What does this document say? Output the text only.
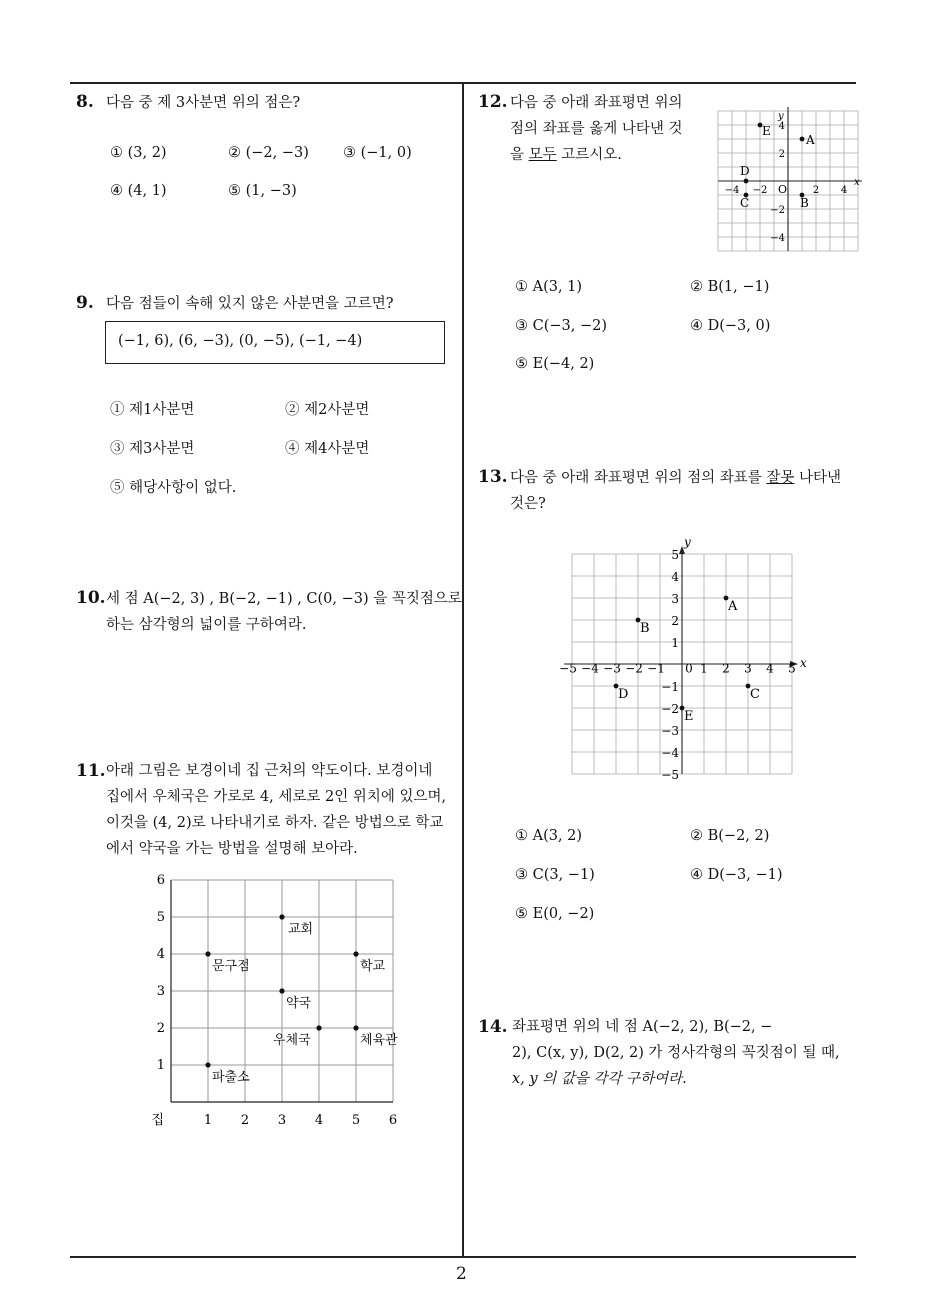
8. 다음 중 제 3사분면 위의 점은?
① (3, 2)	② (−2, −3) ③ (−1, 0)
④ (4, 1)	⑤ (1, −3)
9. 다음 점들이 속해 있지 않은 사분면을 고르면?
(−1, 6), (6, −3), (0, −5), (−1, −4)
① 제1사분면	② 제2사분면
③ 제3사분면	④ 제4사분면
⑤ 해당사항이 없다.
10. 세 점 A(−2, 3) , B(−2, −1) , C(0, −3) 을 꼭짓점으로
하는 삼각형의 넓이를 구하여라.
11. 아래 그림은 보경이네 집 근처의 약도이다. 보경이네
집에서 우체국은 가로로 4, 세로로 2인 위치에 있으며,
이것을 (4, 2)로 나타내기로 하자. 같은 방법으로 학교
에서 약국을 가는 방법을 설명해 보아라.
1 2 3 4 5 6
1
2
3
4
5
6
집
교회
문구점	학교
약국
우체국	체육관
파출소
12. 다음 중 아래 좌표평면 위의
점의 좌표를 옳게 나타낸 것
을 모두 고르시오.
x
y
O
−4 −2	2 4
4
2
−2
−4
A
B
C
D
E
① A(3, 1)	② B(1, −1)
③ C(−3, −2)	④ D(−3, 0)
⑤ E(−4, 2)
13. 다음 중 아래 좌표평면 위의 점의 좌표를 잘못 나타낸
것은?
x
y
−5 −4 −3 −2 −1 0 1 2 3 4 5
5
4
3
2
1
−1
−2
−3
−4
−5
A
B
C
D
E
① A(3, 2)	② B(−2, 2)
③ C(3, −1)	④ D(−3, −1)
⑤ E(0, −2)
14. 좌표평면 위의 네 점 A(−2, 2), B(−2, −
2), C(x, y), D(2, 2) 가 정사각형의 꼭짓점이 될 때,
x, y 의 값을 각각 구하여라.
2
